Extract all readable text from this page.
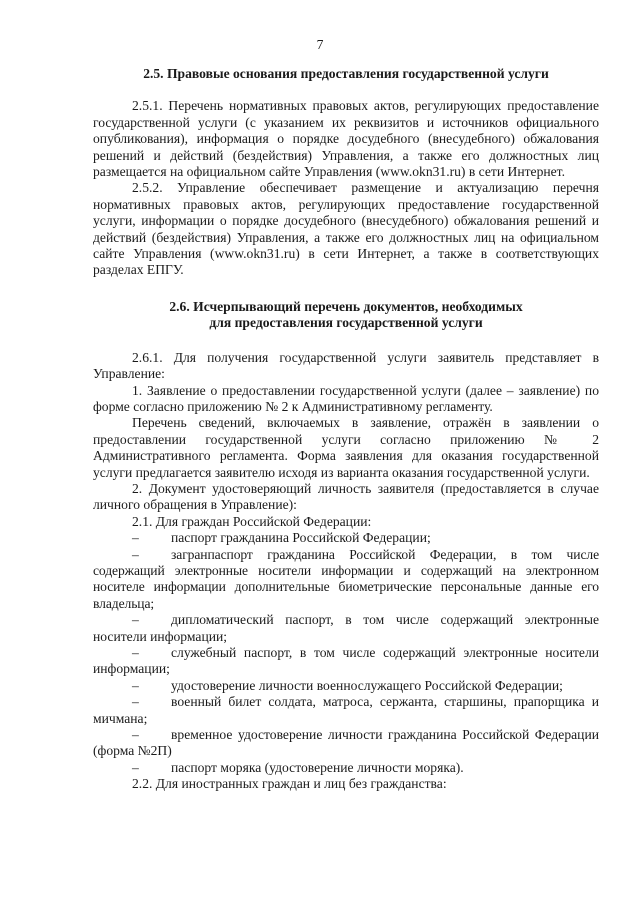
7
2.5. Правовые основания предоставления государственной услуги

2.5.1. Перечень нормативных правовых актов, регулирующих предоставление государственной услуги (с указанием их реквизитов и источников официального опубликования), информация о порядке досудебного (внесудебного) обжалования решений и действий (бездействия) Управления, а также его должностных лиц размещается на официальном сайте Управления (www.okn31.ru) в сети Интернет.

2.5.2. Управление обеспечивает размещение и актуализацию перечня нормативных правовых актов, регулирующих предоставление государственной услуги, информации о порядке досудебного (внесудебного) обжалования решений и действий (бездействия) Управления, а также его должностных лиц на официальном сайте Управления (www.okn31.ru) в сети Интернет, а также в соответствующих разделах ЕПГУ.

2.6. Исчерпывающий перечень документов, необходимых
для предоставления государственной услуги

2.6.1. Для получения государственной услуги заявитель представляет в Управление:

1. Заявление о предоставлении государственной услуги (далее – заявление) по форме согласно приложению № 2 к Административному регламенту.

Перечень сведений, включаемых в заявление, отражён в заявлении о предоставлении государственной услуги согласно приложению № 2 Административного регламента. Форма заявления для оказания государственной услуги предлагается заявителю исходя из варианта оказания государственной услуги.

2. Документ удостоверяющий личность заявителя (предоставляется в случае личного обращения в Управление):

2.1. Для граждан Российской Федерации:

– паспорт гражданина Российской Федерации;

– загранпаспорт гражданина Российской Федерации, в том числе содержащий электронные носители информации и содержащий на электронном носителе информации дополнительные биометрические персональные данные его владельца;

– дипломатический паспорт, в том числе содержащий электронные носители информации;

– служебный паспорт, в том числе содержащий электронные носители информации;

– удостоверение личности военнослужащего Российской Федерации;

– военный билет солдата, матроса, сержанта, старшины, прапорщика и мичмана;

– временное удостоверение личности гражданина Российской Федерации (форма №2П)

– паспорт моряка (удостоверение личности моряка).

2.2. Для иностранных граждан и лиц без гражданства:
